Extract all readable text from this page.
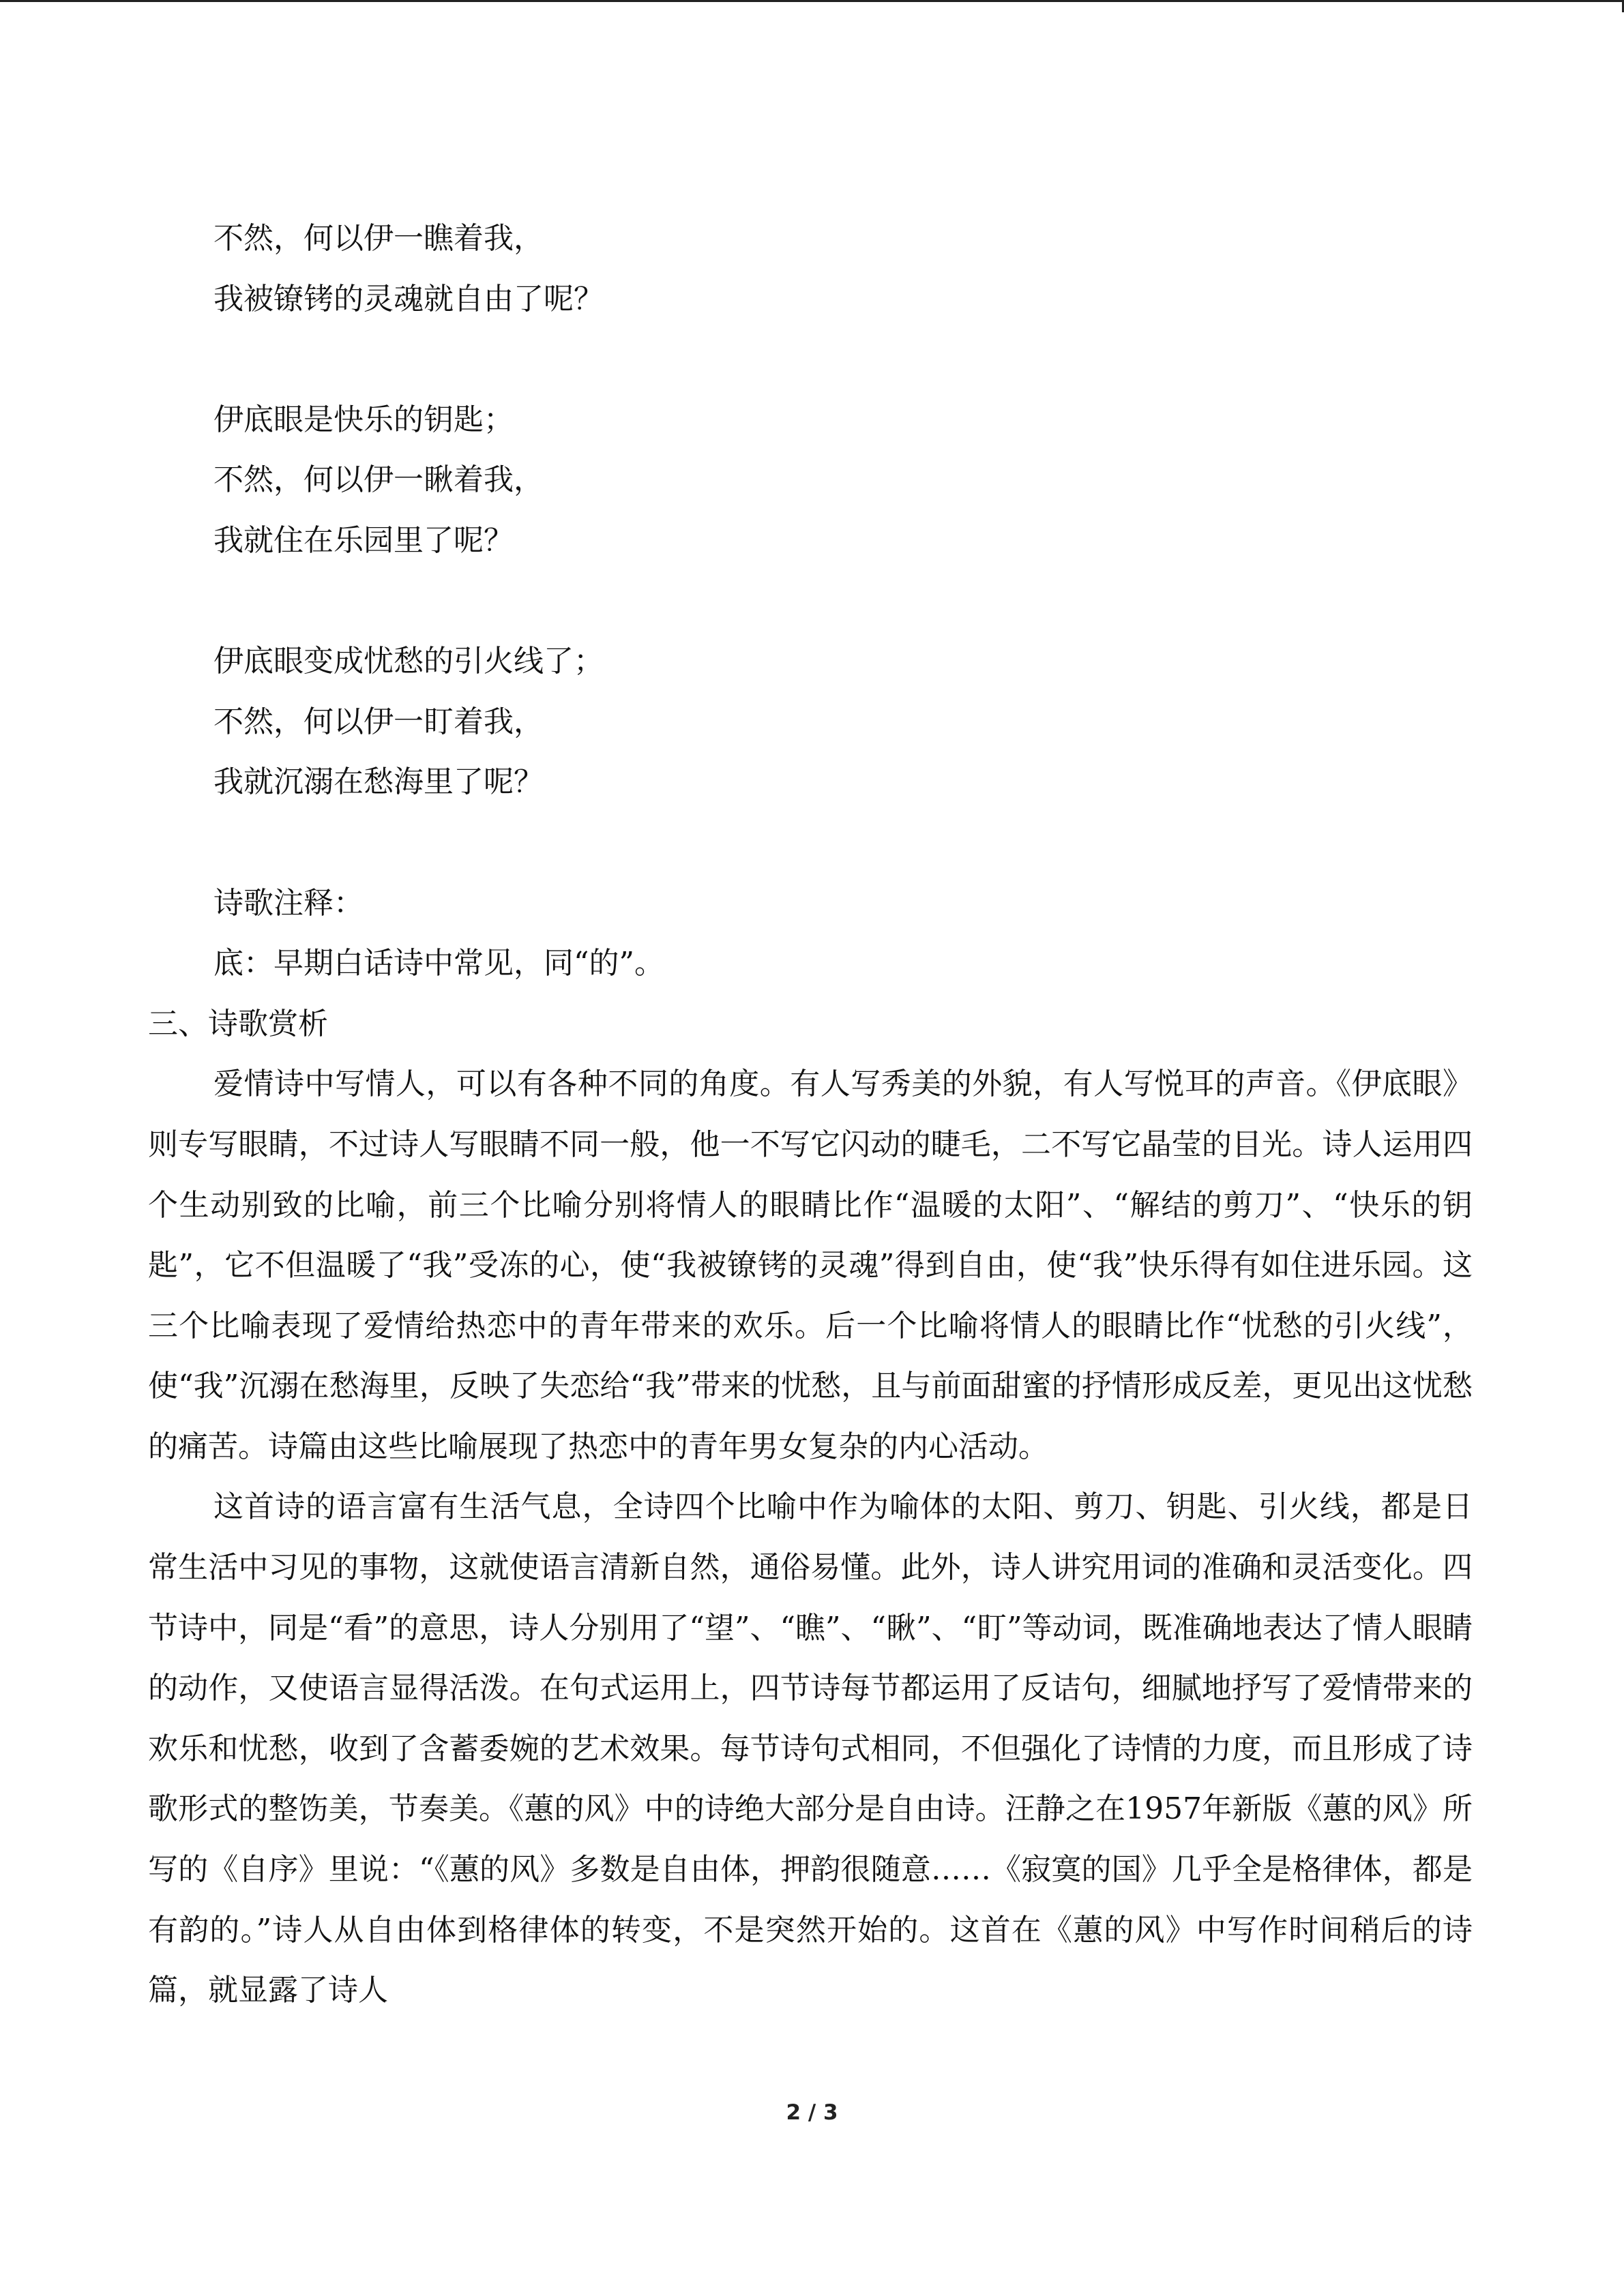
不然，何以伊一瞧着我，

我被镣铐的灵魂就自由了呢？

伊底眼是快乐的钥匙；

不然，何以伊一瞅着我，

我就住在乐园里了呢？

伊底眼变成忧愁的引火线了；

不然，何以伊一盯着我，

我就沉溺在愁海里了呢？

诗歌注释：

底：早期白话诗中常见，同“的”。

三、诗歌赏析

爱情诗中写情人，可以有各种不同的角度。有人写秀美的外貌，有人写悦耳的声音。《伊底眼》则专写眼睛，不过诗人写眼睛不同一般，他一不写它闪动的睫毛，二不写它晶莹的目光。诗人运用四个生动别致的比喻，前三个比喻分别将情人的眼睛比作“温暖的太阳”、“解结的剪刀”、“快乐的钥匙”，它不但温暖了“我”受冻的心，使“我被镣铐的灵魂”得到自由，使“我”快乐得有如住进乐园。这三个比喻表现了爱情给热恋中的青年带来的欢乐。后一个比喻将情人的眼睛比作“忧愁的引火线”，使“我”沉溺在愁海里，反映了失恋给“我”带来的忧愁，且与前面甜蜜的抒情形成反差，更见出这忧愁的痛苦。诗篇由这些比喻展现了热恋中的青年男女复杂的内心活动。

这首诗的语言富有生活气息，全诗四个比喻中作为喻体的太阳、剪刀、钥匙、引火线，都是日常生活中习见的事物，这就使语言清新自然，通俗易懂。此外，诗人讲究用词的准确和灵活变化。四节诗中，同是“看”的意思，诗人分别用了“望”、“瞧”、“瞅”、“盯”等动词，既准确地表达了情人眼睛的动作，又使语言显得活泼。在句式运用上，四节诗每节都运用了反诘句，细腻地抒写了爱情带来的欢乐和忧愁，收到了含蓄委婉的艺术效果。每节诗句式相同，不但强化了诗情的力度，而且形成了诗歌形式的整饬美，节奏美。《蕙的风》中的诗绝大部分是自由诗。汪静之在1957年新版《蕙的风》所写的《自序》里说：“《蕙的风》多数是自由体，押韵很随意……《寂寞的国》几乎全是格律体，都是有韵的。”诗人从自由体到格律体的转变，不是突然开始的。这首在《蕙的风》中写作时间稍后的诗篇，就显露了诗人

2 / 3
